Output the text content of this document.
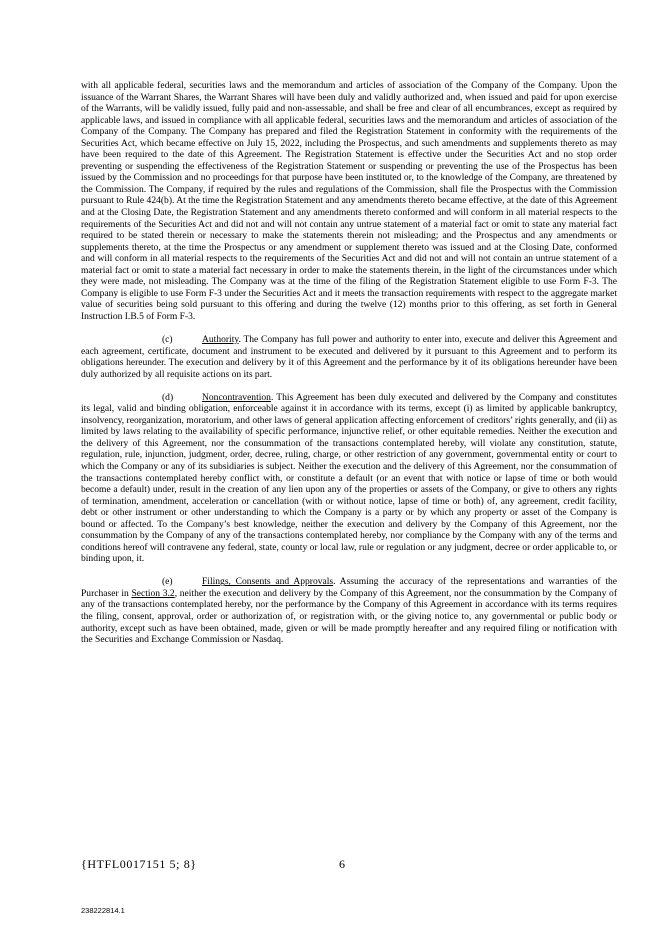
with all applicable federal, securities laws and the memorandum and articles of association of the Company of the Company. Upon the issuance of the Warrant Shares, the Warrant Shares will have been duly and validly authorized and, when issued and paid for upon exercise of the Warrants, will be validly issued, fully paid and non-assessable, and shall be free and clear of all encumbrances, except as required by applicable laws, and issued in compliance with all applicable federal, securities laws and the memorandum and articles of association of the Company of the Company. The Company has prepared and filed the Registration Statement in conformity with the requirements of the Securities Act, which became effective on July 15, 2022, including the Prospectus, and such amendments and supplements thereto as may have been required to the date of this Agreement. The Registration Statement is effective under the Securities Act and no stop order preventing or suspending the effectiveness of the Registration Statement or suspending or preventing the use of the Prospectus has been issued by the Commission and no proceedings for that purpose have been instituted or, to the knowledge of the Company, are threatened by the Commission. The Company, if required by the rules and regulations of the Commission, shall file the Prospectus with the Commission pursuant to Rule 424(b). At the time the Registration Statement and any amendments thereto became effective, at the date of this Agreement and at the Closing Date, the Registration Statement and any amendments thereto conformed and will conform in all material respects to the requirements of the Securities Act and did not and will not contain any untrue statement of a material fact or omit to state any material fact required to be stated therein or necessary to make the statements therein not misleading; and the Prospectus and any amendments or supplements thereto, at the time the Prospectus or any amendment or supplement thereto was issued and at the Closing Date, conformed and will conform in all material respects to the requirements of the Securities Act and did not and will not contain an untrue statement of a material fact or omit to state a material fact necessary in order to make the statements therein, in the light of the circumstances under which they were made, not misleading. The Company was at the time of the filing of the Registration Statement eligible to use Form F-3. The Company is eligible to use Form F-3 under the Securities Act and it meets the transaction requirements with respect to the aggregate market value of securities being sold pursuant to this offering and during the twelve (12) months prior to this offering, as set forth in General Instruction I.B.5 of Form F-3.

(c)	Authority. The Company has full power and authority to enter into, execute and deliver this Agreement and each agreement, certificate, document and instrument to be executed and delivered by it pursuant to this Agreement and to perform its obligations hereunder. The execution and delivery by it of this Agreement and the performance by it of its obligations hereunder have been duly authorized by all requisite actions on its part.

(d)	Noncontravention. This Agreement has been duly executed and delivered by the Company and constitutes its legal, valid and binding obligation, enforceable against it in accordance with its terms, except (i) as limited by applicable bankruptcy, insolvency, reorganization, moratorium, and other laws of general application affecting enforcement of creditors’ rights generally, and (ii) as limited by laws relating to the availability of specific performance, injunctive relief, or other equitable remedies. Neither the execution and the delivery of this Agreement, nor the consummation of the transactions contemplated hereby, will violate any constitution, statute, regulation, rule, injunction, judgment, order, decree, ruling, charge, or other restriction of any government, governmental entity or court to which the Company or any of its subsidiaries is subject. Neither the execution and the delivery of this Agreement, nor the consummation of the transactions contemplated hereby conflict with, or constitute a default (or an event that with notice or lapse of time or both would become a default) under, result in the creation of any lien upon any of the properties or assets of the Company, or give to others any rights of termination, amendment, acceleration or cancellation (with or without notice, lapse of time or both) of, any agreement, credit facility, debt or other instrument or other understanding to which the Company is a party or by which any property or asset of the Company is bound or affected. To the Company’s best knowledge, neither the execution and delivery by the Company of this Agreement, nor the consummation by the Company of any of the transactions contemplated hereby, nor compliance by the Company with any of the terms and conditions hereof will contravene any federal, state, county or local law, rule or regulation or any judgment, decree or order applicable to, or binding upon, it.

(e)	Filings, Consents and Approvals. Assuming the accuracy of the representations and warranties of the Purchaser in Section 3.2, neither the execution and delivery by the Company of this Agreement, nor the consummation by the Company of any of the transactions contemplated hereby, nor the performance by the Company of this Agreement in accordance with its terms requires the filing, consent, approval, order or authorization of, or registration with, or the giving notice to, any governmental or public body or authority, except such as have been obtained, made, given or will be made promptly hereafter and any required filing or notification with the Securities and Exchange Commission or Nasdaq.

{HTFL0017151 5; 8}	6
238222814.1
